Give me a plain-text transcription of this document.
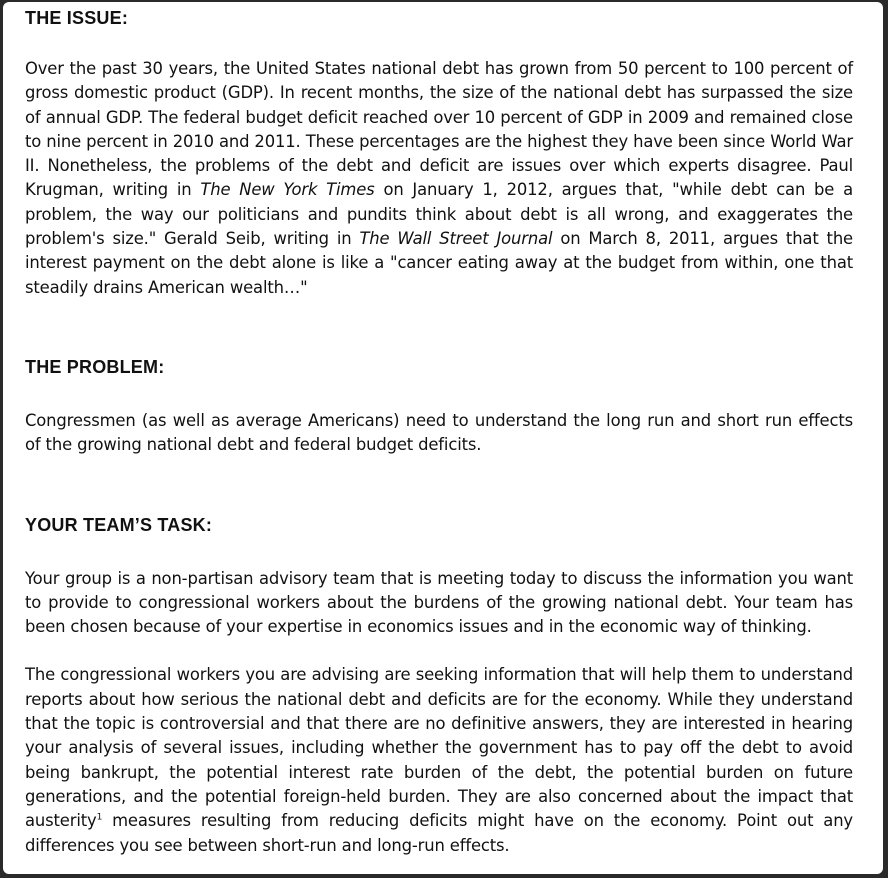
THE ISSUE:

Over the past 30 years, the United States national debt has grown from 50 percent to 100 percent of gross domestic product (GDP). In recent months, the size of the national debt has surpassed the size of annual GDP. The federal budget deficit reached over 10 percent of GDP in 2009 and remained close to nine percent in 2010 and 2011. These percentages are the highest they have been since World War II. Nonetheless, the problems of the debt and deficit are issues over which experts disagree. Paul Krugman, writing in The New York Times on January 1, 2012, argues that, "while debt can be a problem, the way our politicians and pundits think about debt is all wrong, and exaggerates the problem's size." Gerald Seib, writing in The Wall Street Journal on March 8, 2011, argues that the interest payment on the debt alone is like a "cancer eating away at the budget from within, one that steadily drains American wealth…"

THE PROBLEM:

Congressmen (as well as average Americans) need to understand the long run and short run effects of the growing national debt and federal budget deficits.

YOUR TEAM’S TASK:

Your group is a non-partisan advisory team that is meeting today to discuss the information you want to provide to congressional workers about the burdens of the growing national debt. Your team has been chosen because of your expertise in economics issues and in the economic way of thinking.

The congressional workers you are advising are seeking information that will help them to understand reports about how serious the national debt and deficits are for the economy. While they understand that the topic is controversial and that there are no definitive answers, they are interested in hearing your analysis of several issues, including whether the government has to pay off the debt to avoid being bankrupt, the potential interest rate burden of the debt, the potential burden on future generations, and the potential foreign-held burden. They are also concerned about the impact that austerity$^1$ measures resulting from reducing deficits might have on the economy. Point out any differences you see between short-run and long-run effects.
